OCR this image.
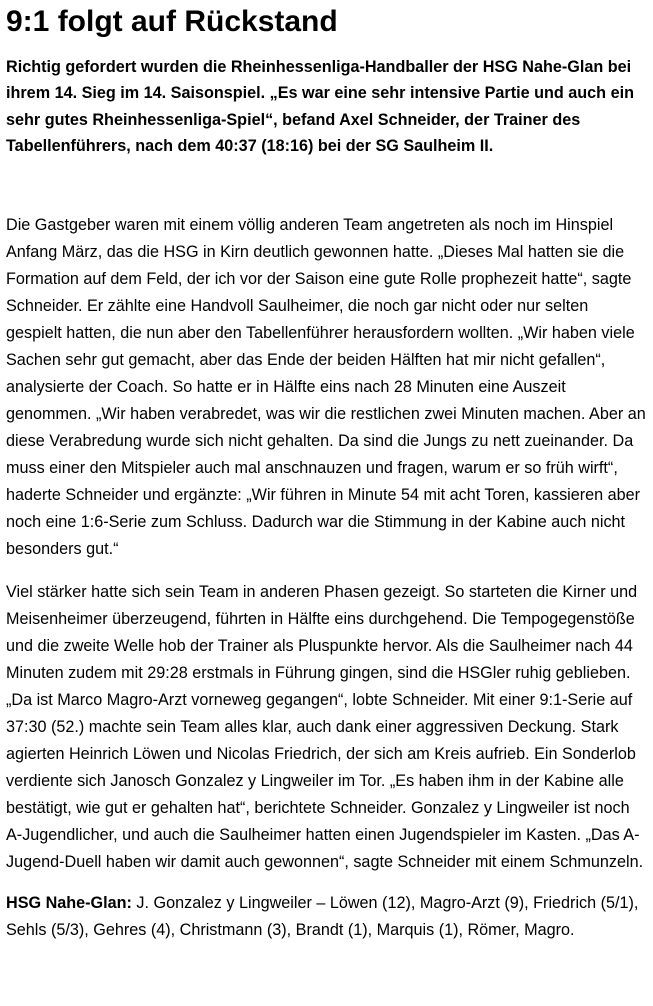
9:1 folgt auf Rückstand

Richtig gefordert wurden die Rheinhessenliga-Handballer der HSG Nahe-Glan bei ihrem 14. Sieg im 14. Saisonspiel. „Es war eine sehr intensive Partie und auch ein sehr gutes Rheinhessenliga-Spiel“, befand Axel Schneider, der Trainer des Tabellenführers, nach dem 40:37 (18:16) bei der SG Saulheim II.

Die Gastgeber waren mit einem völlig anderen Team angetreten als noch im Hinspiel Anfang März, das die HSG in Kirn deutlich gewonnen hatte. „Dieses Mal hatten sie die Formation auf dem Feld, der ich vor der Saison eine gute Rolle prophezeit hatte“, sagte Schneider. Er zählte eine Handvoll Saulheimer, die noch gar nicht oder nur selten gespielt hatten, die nun aber den Tabellenführer herausfordern wollten. „Wir haben viele Sachen sehr gut gemacht, aber das Ende der beiden Hälften hat mir nicht gefallen“, analysierte der Coach. So hatte er in Hälfte eins nach 28 Minuten eine Auszeit genommen. „Wir haben verabredet, was wir die restlichen zwei Minuten machen. Aber an diese Verabredung wurde sich nicht gehalten. Da sind die Jungs zu nett zueinander. Da muss einer den Mitspieler auch mal anschnauzen und fragen, warum er so früh wirft“, haderte Schneider und ergänzte: „Wir führen in Minute 54 mit acht Toren, kassieren aber noch eine 1:6-Serie zum Schluss. Dadurch war die Stimmung in der Kabine auch nicht besonders gut.“

Viel stärker hatte sich sein Team in anderen Phasen gezeigt. So starteten die Kirner und Meisenheimer überzeugend, führten in Hälfte eins durchgehend. Die Tempogegenstöße und die zweite Welle hob der Trainer als Pluspunkte hervor. Als die Saulheimer nach 44 Minuten zudem mit 29:28 erstmals in Führung gingen, sind die HSGler ruhig geblieben. „Da ist Marco Magro-Arzt vorneweg gegangen“, lobte Schneider. Mit einer 9:1-Serie auf 37:30 (52.) machte sein Team alles klar, auch dank einer aggressiven Deckung. Stark agierten Heinrich Löwen und Nicolas Friedrich, der sich am Kreis aufrieb. Ein Sonderlob verdiente sich Janosch Gonzalez y Lingweiler im Tor. „Es haben ihm in der Kabine alle bestätigt, wie gut er gehalten hat“, berichtete Schneider. Gonzalez y Lingweiler ist noch A-Jugendlicher, und auch die Saulheimer hatten einen Jugendspieler im Kasten. „Das A-Jugend-Duell haben wir damit auch gewonnen“, sagte Schneider mit einem Schmunzeln.

HSG Nahe-Glan: J. Gonzalez y Lingweiler – Löwen (12), Magro-Arzt (9), Friedrich (5/1), Sehls (5/3), Gehres (4), Christmann (3), Brandt (1), Marquis (1), Römer, Magro.
